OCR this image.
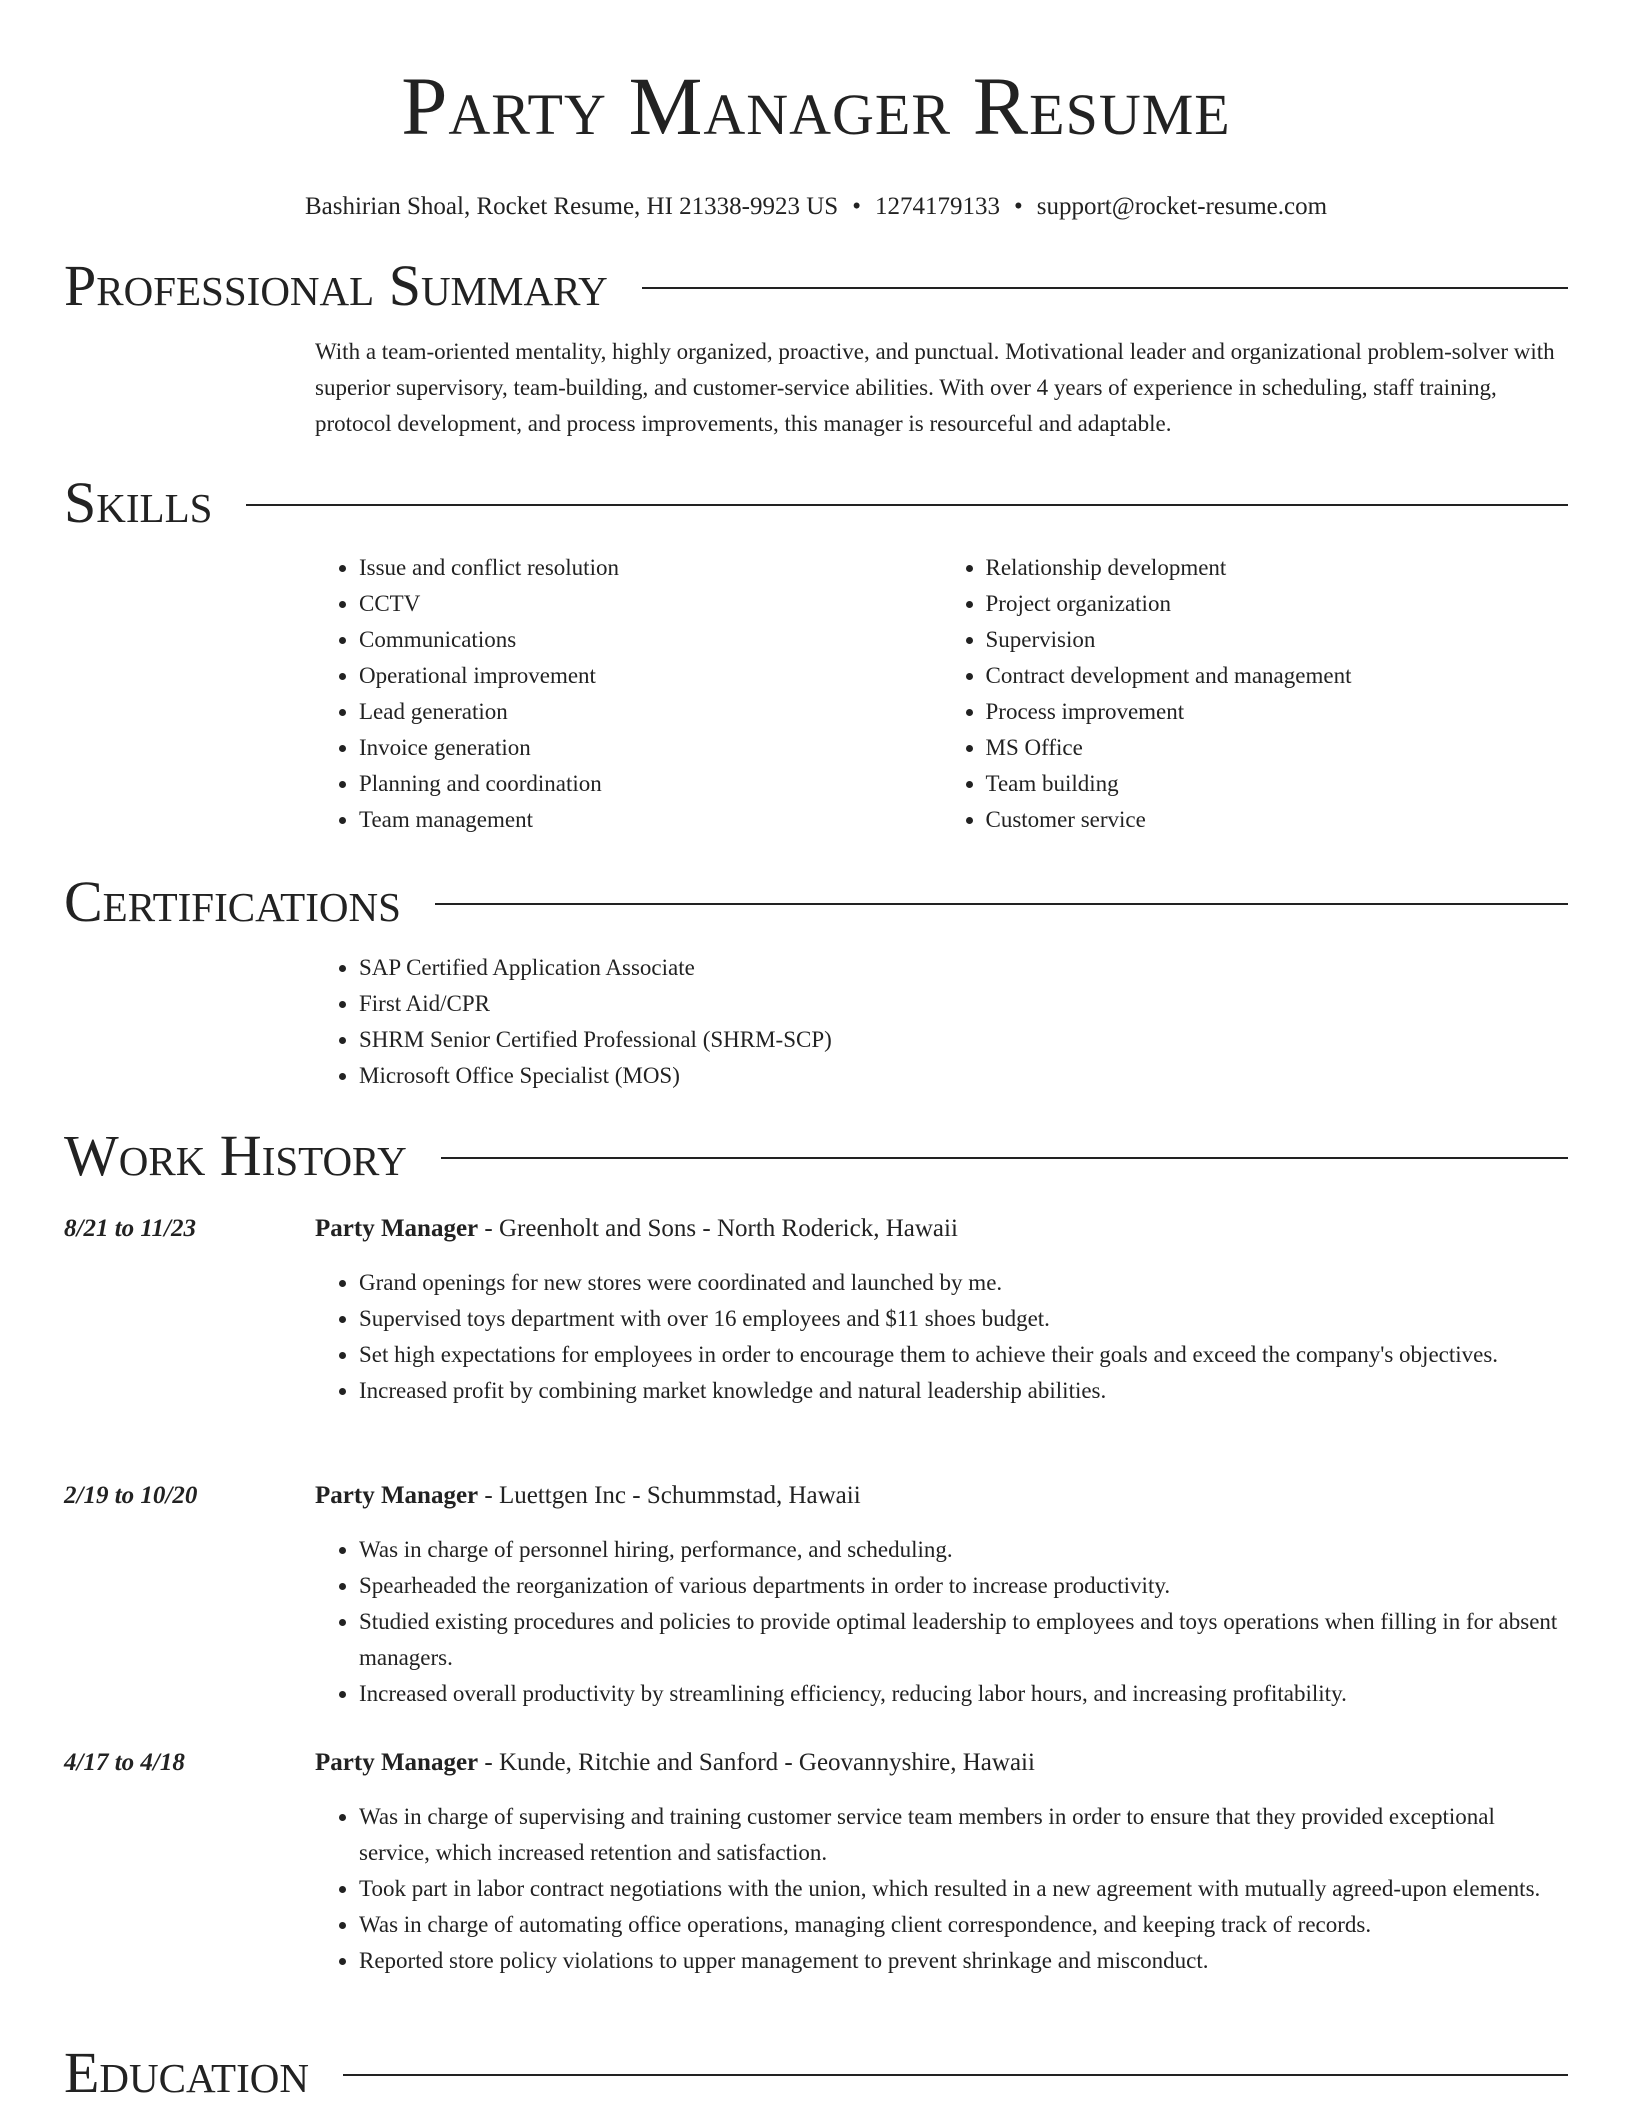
Party Manager Resume
Bashirian Shoal, Rocket Resume, HI 21338-9923 US • 1274179133 • support@rocket-resume.com
Professional Summary

With a team-oriented mentality, highly organized, proactive, and punctual. Motivational leader and organizational problem-solver with superior supervisory, team-building, and customer-service abilities. With over 4 years of experience in scheduling, staff training, protocol development, and process improvements, this manager is resourceful and adaptable.

Skills
• Issue and conflict resolution
• CCTV
• Communications
• Operational improvement
• Lead generation
• Invoice generation
• Planning and coordination
• Team management
• Relationship development
• Project organization
• Supervision
• Contract development and management
• Process improvement
• MS Office
• Team building
• Customer service
Certifications
• SAP Certified Application Associate
• First Aid/CPR
• SHRM Senior Certified Professional (SHRM-SCP)
• Microsoft Office Specialist (MOS)
Work History
8/21 to 11/23	Party Manager - Greenholt and Sons - North Roderick, Hawaii
• Grand openings for new stores were coordinated and launched by me.
• Supervised toys department with over 16 employees and $11 shoes budget.
• Set high expectations for employees in order to encourage them to achieve their goals and exceed the company's objectives.
• Increased profit by combining market knowledge and natural leadership abilities.
2/19 to 10/20	Party Manager - Luettgen Inc - Schummstad, Hawaii
• Was in charge of personnel hiring, performance, and scheduling.
• Spearheaded the reorganization of various departments in order to increase productivity.
• Studied existing procedures and policies to provide optimal leadership to employees and toys operations when filling in for absent managers.
• Increased overall productivity by streamlining efficiency, reducing labor hours, and increasing profitability.
4/17 to 4/18	Party Manager - Kunde, Ritchie and Sanford - Geovannyshire, Hawaii
• Was in charge of supervising and training customer service team members in order to ensure that they provided exceptional service, which increased retention and satisfaction.
• Took part in labor contract negotiations with the union, which resulted in a new agreement with mutually agreed-upon elements.
• Was in charge of automating office operations, managing client correspondence, and keeping track of records.
• Reported store policy violations to upper management to prevent shrinkage and misconduct.
Education
